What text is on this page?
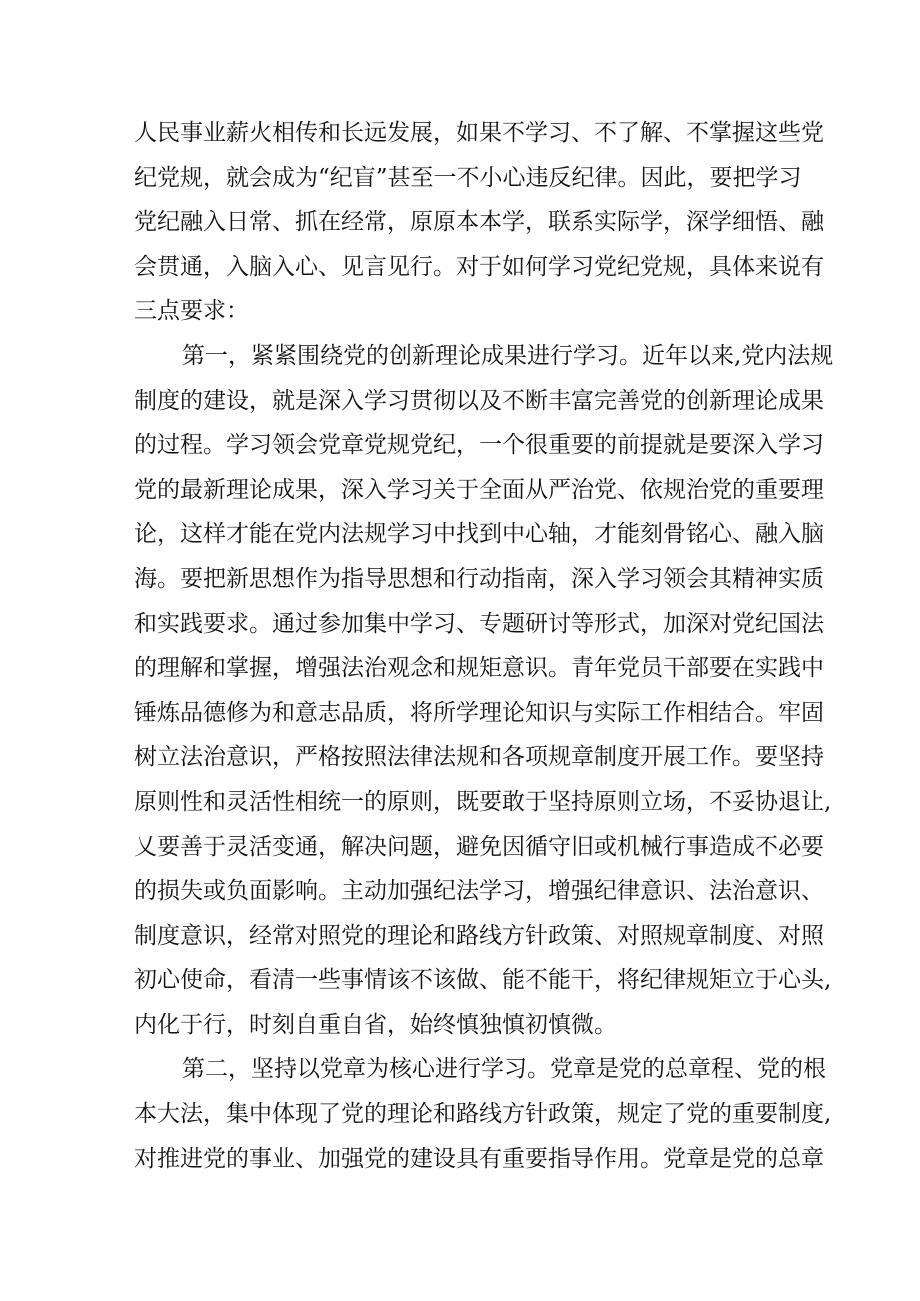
人民事业薪火相传和长远发展，如果不学习、不了解、不掌握这些党
纪党规，就会成为“纪盲”甚至一不小心违反纪律。因此，要把学习
党纪融入日常、抓在经常，原原本本学，联系实际学，深学细悟、融
会贯通，入脑入心、见言见行。对于如何学习党纪党规，具体来说有
三点要求：
第一，紧紧围绕党的创新理论成果进行学习。近年以来,党内法规
制度的建设，就是深入学习贯彻以及不断丰富完善党的创新理论成果
的过程。学习领会党章党规党纪，一个很重要的前提就是要深入学习
党的最新理论成果，深入学习关于全面从严治党、依规治党的重要理
论，这样才能在党内法规学习中找到中心轴，才能刻骨铭心、融入脑
海。要把新思想作为指导思想和行动指南，深入学习领会其精神实质
和实践要求。通过参加集中学习、专题研讨等形式，加深对党纪国法
的理解和掌握，增强法治观念和规矩意识。青年党员干部要在实践中
锤炼品德修为和意志品质，将所学理论知识与实际工作相结合。牢固
树立法治意识，严格按照法律法规和各项规章制度开展工作。要坚持
原则性和灵活性相统一的原则，既要敢于坚持原则立场，不妥协退让,
乂要善于灵活变通，解决问题，避免因循守旧或机械行事造成不必要
的损失或负面影响。主动加强纪法学习，增强纪律意识、法治意识、
制度意识，经常对照党的理论和路线方针政策、对照规章制度、对照
初心使命，看清一些事情该不该做、能不能干，将纪律规矩立于心头,
内化于行，时刻自重自省，始终慎独慎初慎微。
第二，坚持以党章为核心进行学习。党章是党的总章程、党的根
本大法，集中体现了党的理论和路线方针政策，规定了党的重要制度,
对推进党的事业、加强党的建设具有重要指导作用。党章是党的总章
